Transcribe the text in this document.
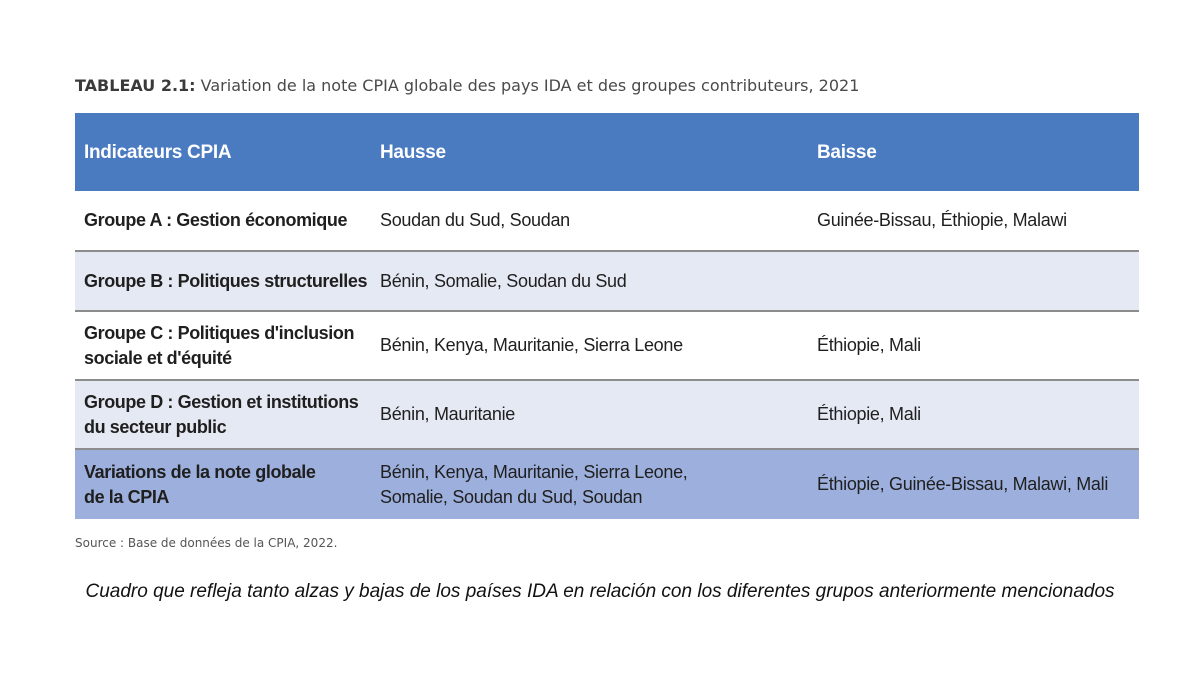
TABLEAU 2.1: Variation de la note CPIA globale des pays IDA et des groupes contributeurs, 2021
Indicateurs CPIA	Hausse	Baisse

Groupe A : Gestion économique	Soudan du Sud, Soudan	Guinée-Bissau, Éthiopie, Malawi

Groupe B : Politiques structurelles	Bénin, Somalie, Soudan du Sud	

Groupe C : Politiques d'inclusion
sociale et d'équité	Bénin, Kenya, Mauritanie, Sierra Leone	Éthiopie, Mali

Groupe D : Gestion et institutions
du secteur public	Bénin, Mauritanie	Éthiopie, Mali

Variations de la note globale
de la CPIA	Bénin, Kenya, Mauritanie, Sierra Leone,
Somalie, Soudan du Sud, Soudan	Éthiopie, Guinée-Bissau, Malawi, Mali
Source : Base de données de la CPIA, 2022.
Cuadro que refleja tanto alzas y bajas de los países IDA en relación con los diferentes grupos anteriormente mencionados
